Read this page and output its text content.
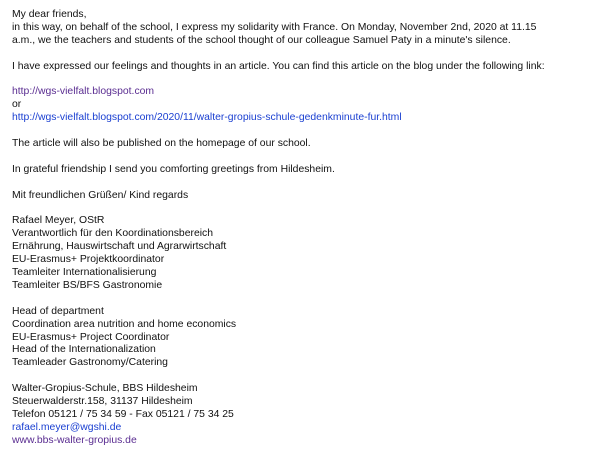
My dear friends,

in this way, on behalf of the school, I express my solidarity with France. On Monday, November 2nd, 2020 at 11.15

a.m., we the teachers and students of the school thought of our colleague Samuel Paty in a minute's silence.

I have expressed our feelings and thoughts in an article. You can find this article on the blog under the following link:

http://wgs-vielfalt.blogspot.com

or

http://wgs-vielfalt.blogspot.com/2020/11/walter-gropius-schule-gedenkminute-fur.html

The article will also be published on the homepage of our school.

In grateful friendship I send you comforting greetings from Hildesheim.

Mit freundlichen Grüßen/ Kind regards

Rafael Meyer, OStR

Verantwortlich für den Koordinationsbereich

Ernährung, Hauswirtschaft und Agrarwirtschaft

EU-Erasmus+ Projektkoordinator

Teamleiter Internationalisierung

Teamleiter BS/BFS Gastronomie

Head of department

Coordination area nutrition and home economics

EU-Erasmus+ Project Coordinator

Head of the Internationalization

Teamleader Gastronomy/Catering

Walter-Gropius-Schule, BBS Hildesheim

Steuerwalderstr.158, 31137 Hildesheim

Telefon 05121 / 75 34 59 - Fax 05121 / 75 34 25

rafael.meyer@wgshi.de

www.bbs-walter-gropius.de
